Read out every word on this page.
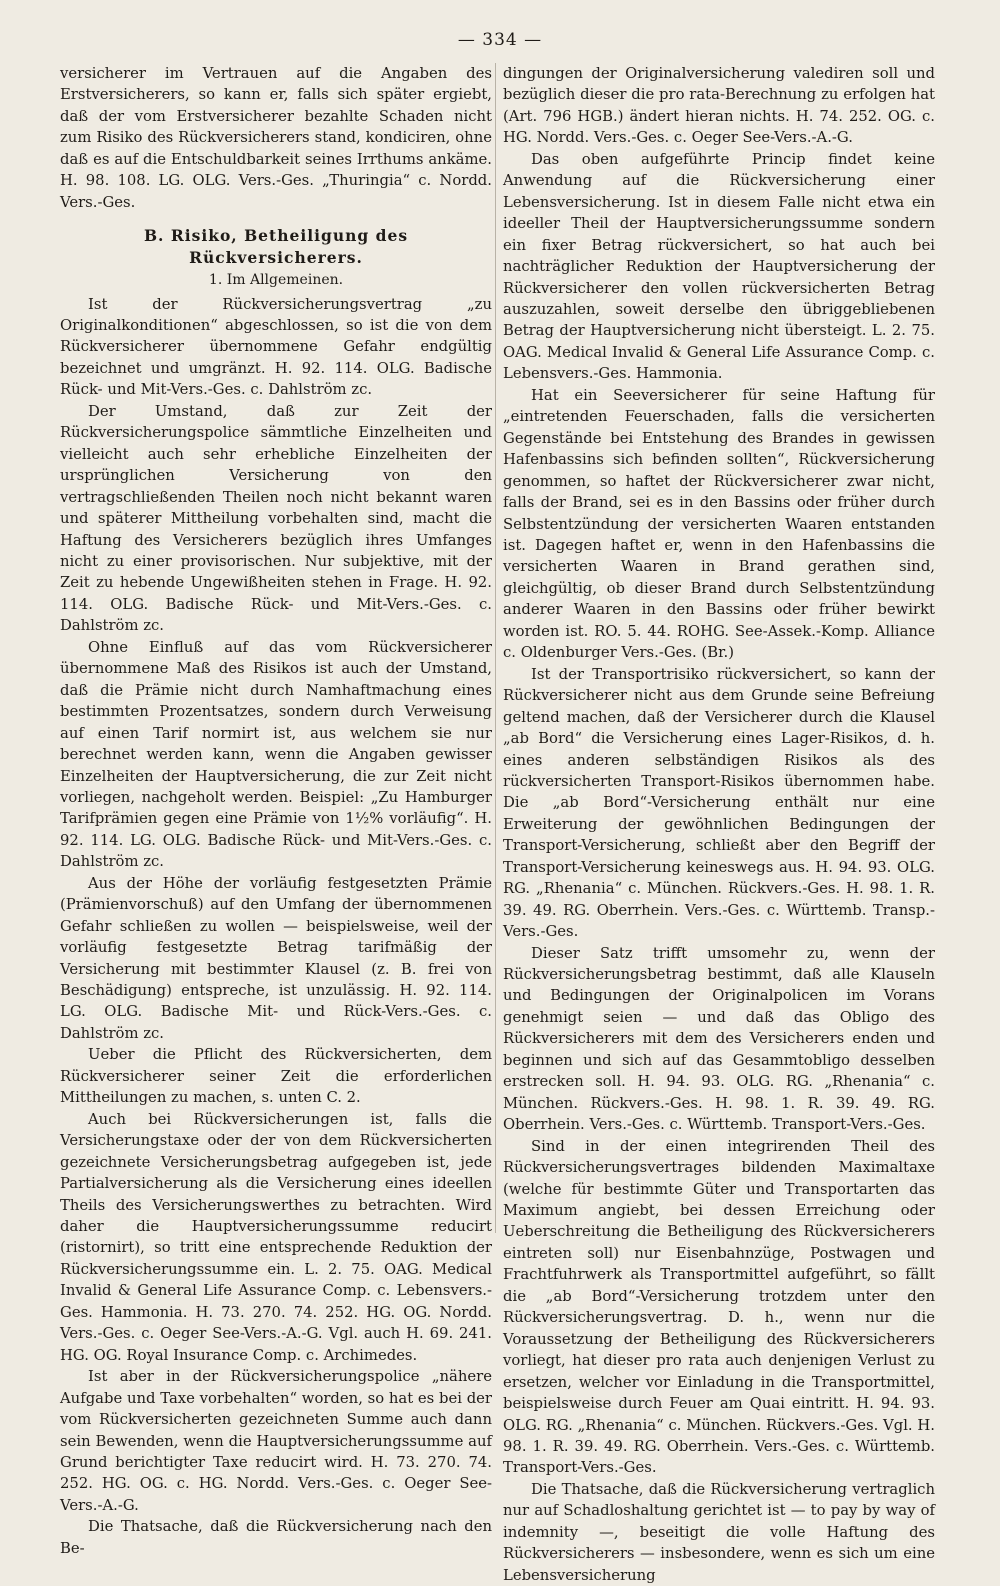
— 334 —

versicherer im Vertrauen auf die Angaben des Erstversicherers, so kann er, falls sich später ergiebt, daß der vom Erstversicherer bezahlte Schaden nicht zum Risiko des Rückversicherers stand, kondiciren, ohne daß es auf die Entschuldbarkeit seines Irrthums ankäme. H. 98. 108. LG. OLG. Vers.-Ges. „Thuringia“ c. Nordd. Vers.-Ges.

B. Risiko, Betheiligung des Rückversicherers.
1. Im Allgemeinen.

Ist der Rückversicherungsvertrag „zu Originalkonditionen“ abgeschlossen, so ist die von dem Rückversicherer übernommene Gefahr endgültig bezeichnet und umgränzt. H. 92. 114. OLG. Badische Rück- und Mit-Vers.-Ges. c. Dahlström zc.

Der Umstand, daß zur Zeit der Rückversicherungspolice sämmtliche Einzelheiten und vielleicht auch sehr erhebliche Einzelheiten der ursprünglichen Versicherung von den vertragschließenden Theilen noch nicht bekannt waren und späterer Mittheilung vorbehalten sind, macht die Haftung des Versicherers bezüglich ihres Umfanges nicht zu einer provisorischen. Nur subjektive, mit der Zeit zu hebende Ungewißheiten stehen in Frage. H. 92. 114. OLG. Badische Rück- und Mit-Vers.-Ges. c. Dahlström zc.

Ohne Einfluß auf das vom Rückversicherer übernommene Maß des Risikos ist auch der Umstand, daß die Prämie nicht durch Namhaftmachung eines bestimmten Prozentsatzes, sondern durch Verweisung auf einen Tarif normirt ist, aus welchem sie nur berechnet werden kann, wenn die Angaben gewisser Einzelheiten der Hauptversicherung, die zur Zeit nicht vorliegen, nachgeholt werden. Beispiel: „Zu Hamburger Tarifprämien gegen eine Prämie von 1½% vorläufig“. H. 92. 114. LG. OLG. Badische Rück- und Mit-Vers.-Ges. c. Dahlström zc.

Aus der Höhe der vorläufig festgesetzten Prämie (Prämienvorschuß) auf den Umfang der übernommenen Gefahr schließen zu wollen — beispielsweise, weil der vorläufig festgesetzte Betrag tarifmäßig der Versicherung mit bestimmter Klausel (z. B. frei von Beschädigung) entspreche, ist unzulässig. H. 92. 114. LG. OLG. Badische Mit- und Rück-Vers.-Ges. c. Dahlström zc.

Ueber die Pflicht des Rückversicherten, dem Rückversicherer seiner Zeit die erforderlichen Mittheilungen zu machen, s. unten C. 2.

Auch bei Rückversicherungen ist, falls die Versicherungstaxe oder der von dem Rückversicherten gezeichnete Versicherungsbetrag aufgegeben ist, jede Partialversicherung als die Versicherung eines ideellen Theils des Versicherungswerthes zu betrachten. Wird daher die Hauptversicherungssumme reducirt (ristornirt), so tritt eine entsprechende Reduktion der Rückversicherungssumme ein. L. 2. 75. OAG. Medical Invalid & General Life Assurance Comp. c. Lebensvers.-Ges. Hammonia. H. 73. 270. 74. 252. HG. OG. Nordd. Vers.-Ges. c. Oeger See-Vers.-A.-G. Vgl. auch H. 69. 241. HG. OG. Royal Insurance Comp. c. Archimedes.

Ist aber in der Rückversicherungspolice „nähere Aufgabe und Taxe vorbehalten“ worden, so hat es bei der vom Rückversicherten gezeichneten Summe auch dann sein Bewenden, wenn die Hauptversicherungssumme auf Grund berichtigter Taxe reducirt wird. H. 73. 270. 74. 252. HG. OG. c. HG. Nordd. Vers.-Ges. c. Oeger See-Vers.-A.-G.

Die Thatsache, daß die Rückversicherung nach den Be-

dingungen der Originalversicherung valediren soll und bezüglich dieser die pro rata-Berechnung zu erfolgen hat (Art. 796 HGB.) ändert hieran nichts. H. 74. 252. OG. c. HG. Nordd. Vers.-Ges. c. Oeger See-Vers.-A.-G.

Das oben aufgeführte Princip findet keine Anwendung auf die Rückversicherung einer Lebensversicherung. Ist in diesem Falle nicht etwa ein ideeller Theil der Hauptversicherungssumme sondern ein fixer Betrag rückversichert, so hat auch bei nachträglicher Reduktion der Hauptversicherung der Rückversicherer den vollen rückversicherten Betrag auszuzahlen, soweit derselbe den übriggebliebenen Betrag der Hauptversicherung nicht übersteigt. L. 2. 75. OAG. Medical Invalid & General Life Assurance Comp. c. Lebensvers.-Ges. Hammonia.

Hat ein Seeversicherer für seine Haftung für „eintretenden Feuerschaden, falls die versicherten Gegenstände bei Entstehung des Brandes in gewissen Hafenbassins sich befinden sollten“, Rückversicherung genommen, so haftet der Rückversicherer zwar nicht, falls der Brand, sei es in den Bassins oder früher durch Selbstentzündung der versicherten Waaren entstanden ist. Dagegen haftet er, wenn in den Hafenbassins die versicherten Waaren in Brand gerathen sind, gleichgültig, ob dieser Brand durch Selbstentzündung anderer Waaren in den Bassins oder früher bewirkt worden ist. RO. 5. 44. ROHG. See-Assek.-Komp. Alliance c. Oldenburger Vers.-Ges. (Br.)

Ist der Transportrisiko rückversichert, so kann der Rückversicherer nicht aus dem Grunde seine Befreiung geltend machen, daß der Versicherer durch die Klausel „ab Bord“ die Versicherung eines Lager-Risikos, d. h. eines anderen selbständigen Risikos als des rückversicherten Transport-Risikos übernommen habe. Die „ab Bord“-Versicherung enthält nur eine Erweiterung der gewöhnlichen Bedingungen der Transport-Versicherung, schließt aber den Begriff der Transport-Versicherung keineswegs aus. H. 94. 93. OLG. RG. „Rhenania“ c. München. Rückvers.-Ges. H. 98. 1. R. 39. 49. RG. Oberrhein. Vers.-Ges. c. Württemb. Transp.-Vers.-Ges.

Dieser Satz trifft umsomehr zu, wenn der Rückversicherungsbetrag bestimmt, daß alle Klauseln und Bedingungen der Originalpolicen im Vorans genehmigt seien — und daß das Obligo des Rückversicherers mit dem des Versicherers enden und beginnen und sich auf das Gesammtobligo desselben erstrecken soll. H. 94. 93. OLG. RG. „Rhenania“ c. München. Rückvers.-Ges. H. 98. 1. R. 39. 49. RG. Oberrhein. Vers.-Ges. c. Württemb. Transport-Vers.-Ges.

Sind in der einen integrirenden Theil des Rückversicherungsvertrages bildenden Maximaltaxe (welche für bestimmte Güter und Transportarten das Maximum angiebt, bei dessen Erreichung oder Ueberschreitung die Betheiligung des Rückversicherers eintreten soll) nur Eisenbahnzüge, Postwagen und Frachtfuhrwerk als Transportmittel aufgeführt, so fällt die „ab Bord“-Versicherung trotzdem unter den Rückversicherungsvertrag. D. h., wenn nur die Voraussetzung der Betheiligung des Rückversicherers vorliegt, hat dieser pro rata auch denjenigen Verlust zu ersetzen, welcher vor Einladung in die Transportmittel, beispielsweise durch Feuer am Quai eintritt. H. 94. 93. OLG. RG. „Rhenania“ c. München. Rückvers.-Ges. Vgl. H. 98. 1. R. 39. 49. RG. Oberrhein. Vers.-Ges. c. Württemb. Transport-Vers.-Ges.

Die Thatsache, daß die Rückversicherung vertraglich nur auf Schadloshaltung gerichtet ist — to pay by way of indemnity —, beseitigt die volle Haftung des Rückversicherers — insbesondere, wenn es sich um eine Lebensversicherung
